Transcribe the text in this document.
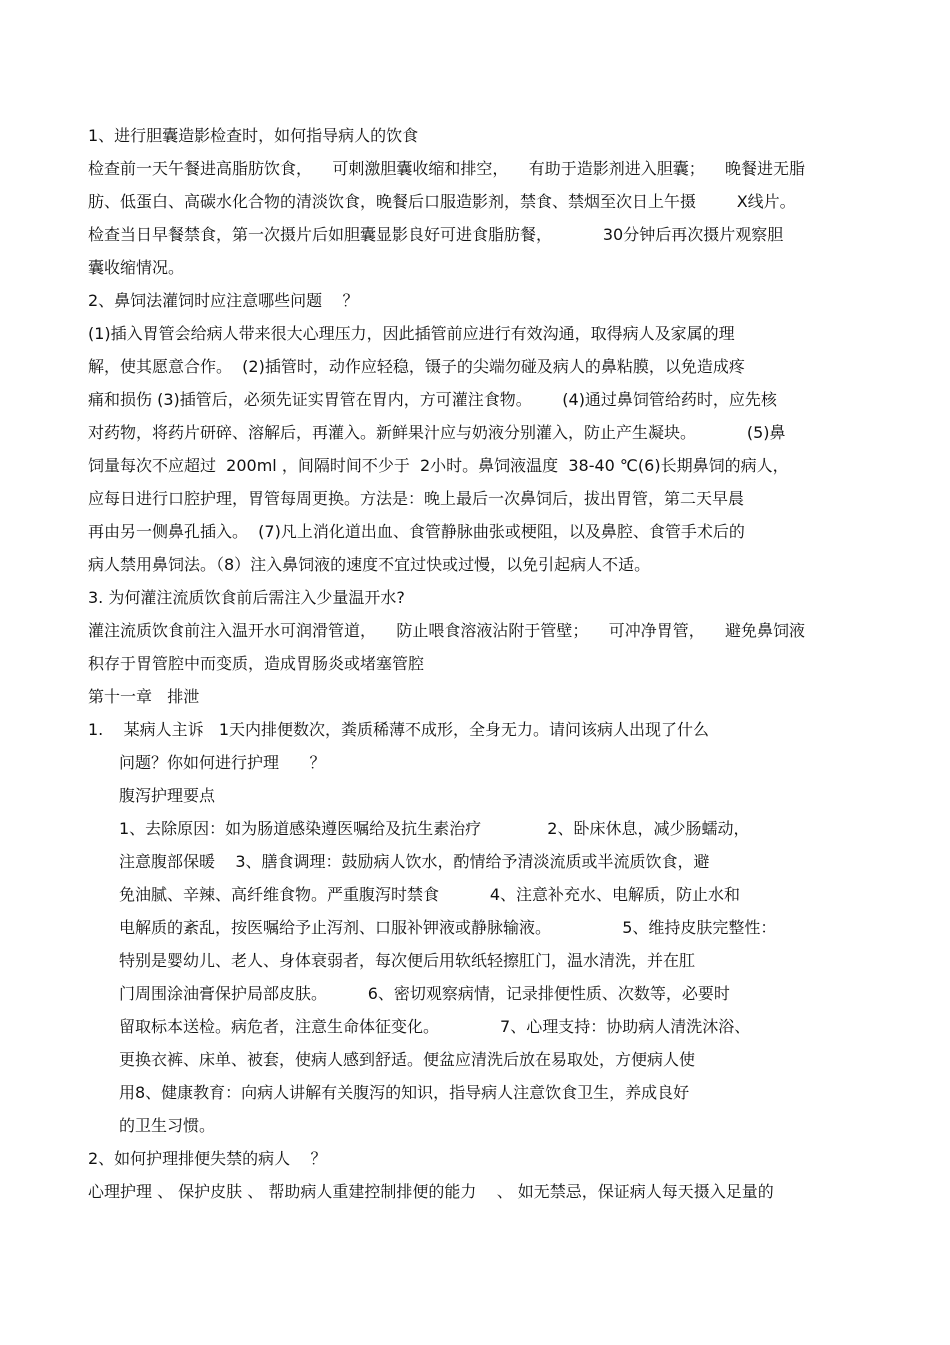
1、进行胆囊造影检查时，如何指导病人的饮食
检查前一天午餐进高脂肪饮食，    可刺激胆囊收缩和排空，    有助于造影剂进入胆囊；    晚餐进无脂
肪、低蛋白、高碳水化合物的清淡饮食，晚餐后口服造影剂，禁食、禁烟至次日上午摄        X线片。
检查当日早餐禁食，第一次摄片后如胆囊显影良好可进食脂肪餐，          30分钟后再次摄片观察胆
囊收缩情况。
2、鼻饲法灌饲时应注意哪些问题    ？
(1)插入胃管会给病人带来很大心理压力，因此插管前应进行有效沟通，取得病人及家属的理
解，使其愿意合作。  (2)插管时，动作应轻稳，镊子的尖端勿碰及病人的鼻粘膜，以免造成疼
痛和损伤 (3)插管后，必须先证实胃管在胃内，方可灌注食物。      (4)通过鼻饲管给药时，应先核
对药物，将药片研碎、溶解后，再灌入。新鲜果汁应与奶液分别灌入，防止产生凝块。          (5)鼻
饲量每次不应超过  200ml ，间隔时间不少于  2小时。鼻饲液温度  38-40 ℃(6)长期鼻饲的病人，
应每日进行口腔护理，胃管每周更换。方法是：晚上最后一次鼻饲后，拔出胃管，第二天早晨
再由另一侧鼻孔插入。  (7)凡上消化道出血、食管静脉曲张或梗阻，以及鼻腔、食管手术后的
病人禁用鼻饲法。（8）注入鼻饲液的速度不宜过快或过慢，以免引起病人不适。
3. 为何灌注流质饮食前后需注入少量温开水?
灌注流质饮食前注入温开水可润滑管道，    防止喂食溶液沾附于管壁；    可冲净胃管，    避免鼻饲液
积存于胃管腔中而变质，造成胃肠炎或堵塞管腔
第十一章   排泄
1.    某病人主诉   1天内排便数次，粪质稀薄不成形，全身无力。请问该病人出现了什么
问题？你如何进行护理      ？
腹泻护理要点
1、去除原因：如为肠道感染遵医嘱给及抗生素治疗             2、卧床休息，减少肠蠕动，
注意腹部保暖    3、膳食调理：鼓励病人饮水，酌情给予清淡流质或半流质饮食，避
免油腻、辛辣、高纤维食物。严重腹泻时禁食          4、注意补充水、电解质，防止水和
电解质的紊乱，按医嘱给予止泻剂、口服补钾液或静脉输液。              5、维持皮肤完整性：
特别是婴幼儿、老人、身体衰弱者，每次便后用软纸轻擦肛门，温水清洗，并在肛
门周围涂油膏保护局部皮肤。        6、密切观察病情，记录排便性质、次数等，必要时
留取标本送检。病危者，注意生命体征变化。            7、心理支持：协助病人清洗沐浴、
更换衣裤、床单、被套，使病人感到舒适。便盆应清洗后放在易取处，方便病人使
用8、健康教育：向病人讲解有关腹泻的知识，指导病人注意饮食卫生，养成良好
的卫生习惯。
2、如何护理排便失禁的病人    ？
心理护理 、 保护皮肤 、 帮助病人重建控制排便的能力    、 如无禁忌，保证病人每天摄入足量的
